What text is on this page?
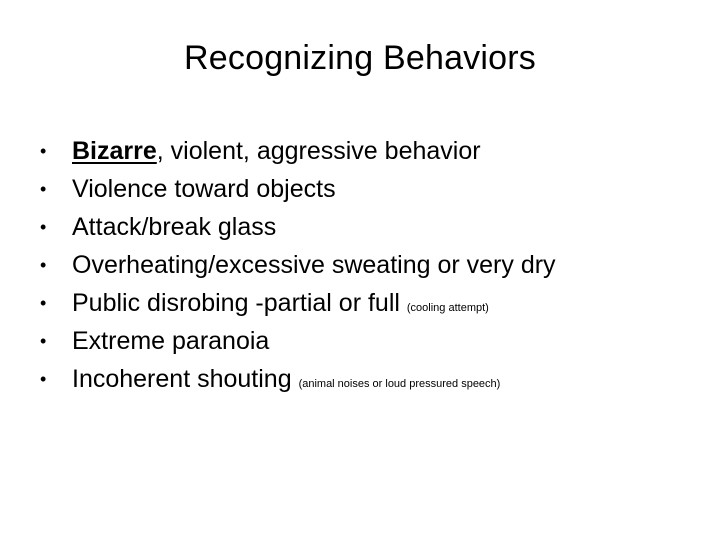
Recognizing Behaviors
•	Bizarre, violent, aggressive behavior
•	Violence toward objects
•	Attack/break glass
•	Overheating/excessive sweating or very dry
•	Public disrobing -partial or full (cooling attempt)
•	Extreme paranoia
•	Incoherent shouting (animal noises or loud pressured speech)
